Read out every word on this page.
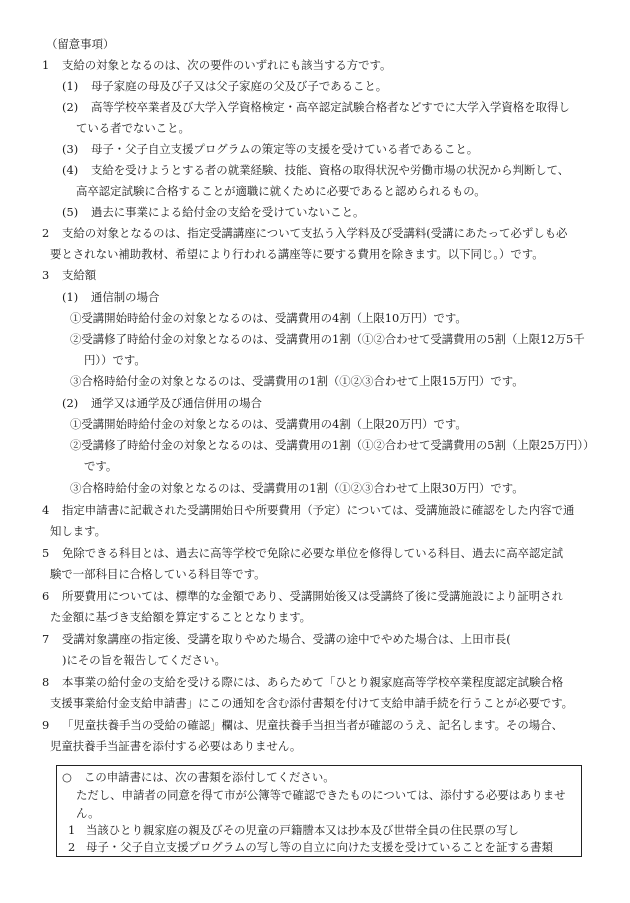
（留意事項）
1 支給の対象となるのは、次の要件のいずれにも該当する方です。
(1) 母子家庭の母及び子又は父子家庭の父及び子であること。
(2) 高等学校卒業者及び大学入学資格検定・高卒認定試験合格者などすでに大学入学資格を取得し
ている者でないこと。
(3) 母子・父子自立支援プログラムの策定等の支援を受けている者であること。
(4) 支給を受けようとする者の就業経験、技能、資格の取得状況や労働市場の状況から判断して、
高卒認定試験に合格することが適職に就くために必要であると認められるもの。
(5) 過去に事業による給付金の支給を受けていないこと。
2 支給の対象となるのは、指定受講講座について支払う入学料及び受講料(受講にあたって必ずしも必
要とされない補助教材、希望により行われる講座等に要する費用を除きます。以下同じ。）です。
3 支給額
(1) 通信制の場合
①受講開始時給付金の対象となるのは、受講費用の4割（上限10万円）です。
②受講修了時給付金の対象となるのは、受講費用の1割（①②合わせて受講費用の5割（上限12万5千
円））です。
③合格時給付金の対象となるのは、受講費用の1割（①②③合わせて上限15万円）です。
(2) 通学又は通学及び通信併用の場合
①受講開始時給付金の対象となるのは、受講費用の4割（上限20万円）です。
②受講修了時給付金の対象となるのは、受講費用の1割（①②合わせて受講費用の5割（上限25万円））
です。
③合格時給付金の対象となるのは、受講費用の1割（①②③合わせて上限30万円）です。
4 指定申請書に記載された受講開始日や所要費用（予定）については、受講施設に確認をした内容で通
知します。
5 免除できる科目とは、過去に高等学校で免除に必要な単位を修得している科目、過去に高卒認定試
験で一部科目に合格している科目等です。
6 所要費用については、標準的な金額であり、受講開始後又は受講終了後に受講施設により証明され
た金額に基づき支給額を算定することとなります。
7 受講対象講座の指定後、受講を取りやめた場合、受講の途中でやめた場合は、上田市長(
)にその旨を報告してください。
8 本事業の給付金の支給を受ける際には、あらためて「ひとり親家庭高等学校卒業程度認定試験合格
支援事業給付金支給申請書」にこの通知を含む添付書類を付けて支給申請手続を行うことが必要です。
9 「児童扶養手当の受給の確認」欄は、児童扶養手当担当者が確認のうえ、記名します。その場合、
児童扶養手当証書を添付する必要はありません。
○ この申請書には、次の書類を添付してください。
ただし、申請者の同意を得て市が公簿等で確認できたものについては、添付する必要はありませ
ん。
1 当該ひとり親家庭の親及びその児童の戸籍謄本又は抄本及び世帯全員の住民票の写し
2 母子・父子自立支援プログラムの写し等の自立に向けた支援を受けていることを証する書類
